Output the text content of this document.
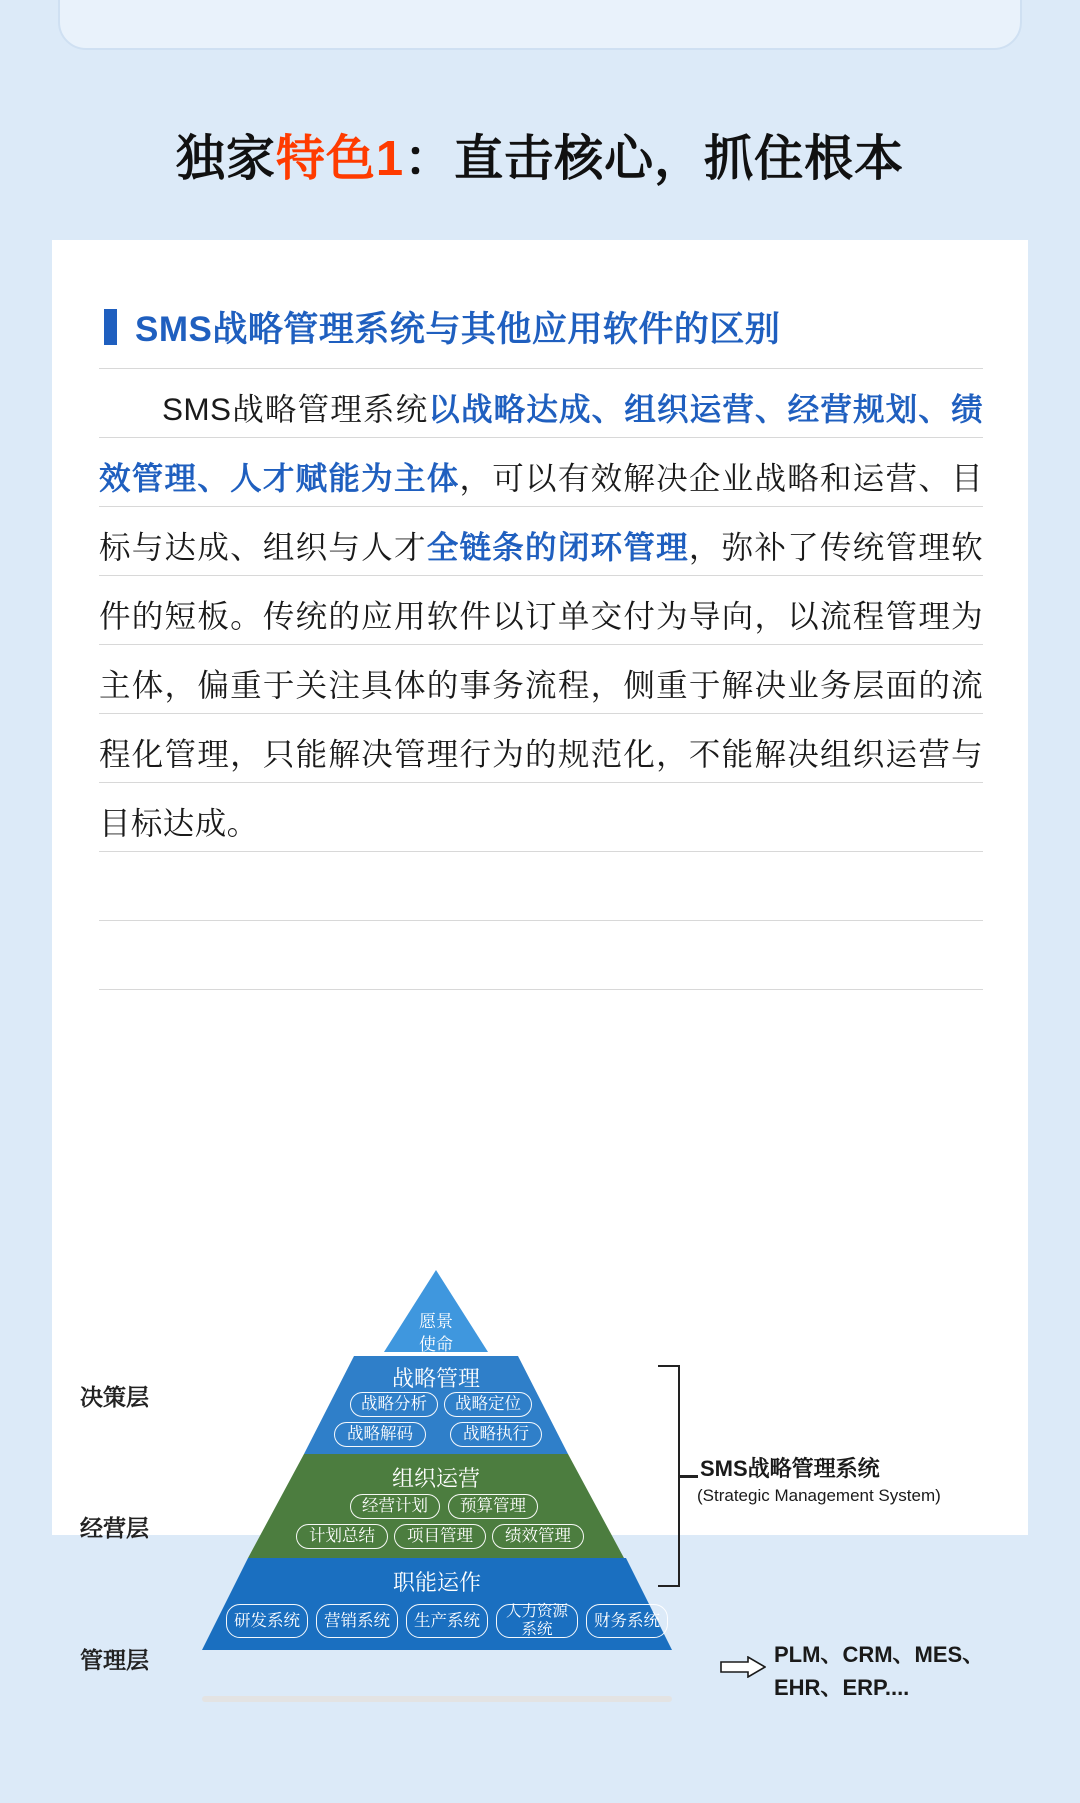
独家特色1：直击核心，抓住根本
SMS战略管理系统与其他应用软件的区别
SMS战略管理系统以战略达成、组织运营、经营规划、绩效管理、人才赋能为主体，可以有效解决企业战略和运营、目标与达成、组织与人才全链条的闭环管理，弥补了传统管理软件的短板。传统的应用软件以订单交付为导向，以流程管理为主体，偏重于关注具体的事务流程，侧重于解决业务层面的流程化管理，只能解决管理行为的规范化，不能解决组织运营与目标达成。
决策层
经营层
管理层
愿景
使命
战略管理
战略分析	战略定位
战略解码	战略执行
组织运营
经营计划	预算管理
计划总结	项目管理	绩效管理
职能运作
研发系统	营销系统	生产系统
人力资源系统	财务系统
SMS战略管理系统
(Strategic Management System)
PLM、CRM、MES、
EHR、ERP....
